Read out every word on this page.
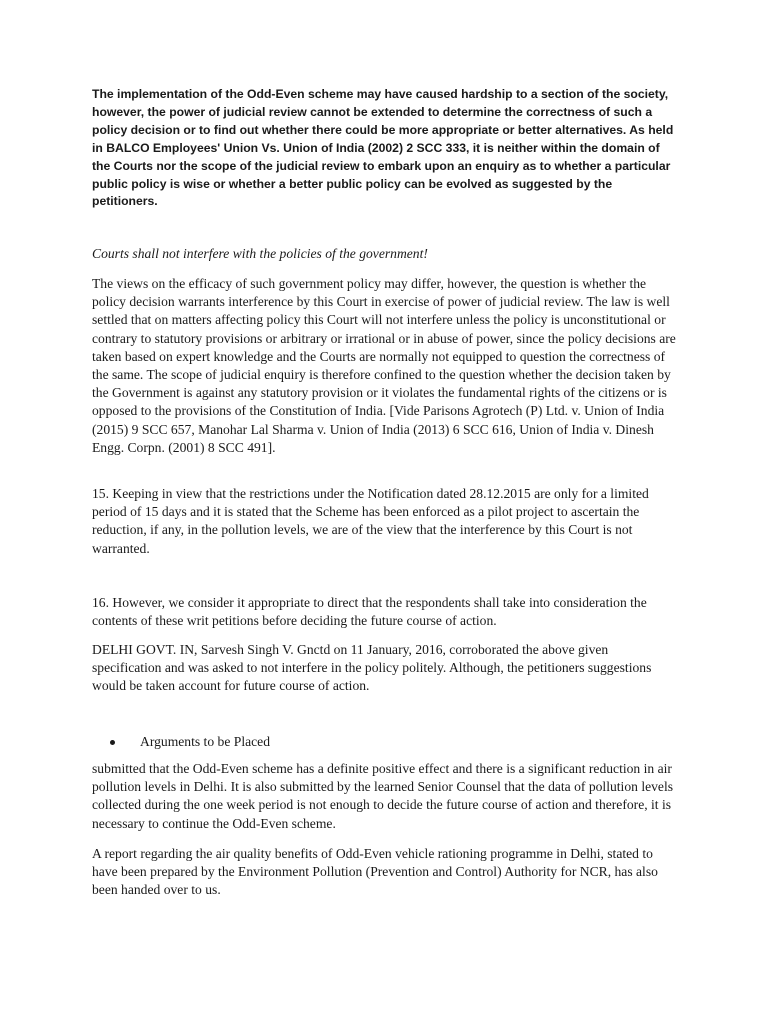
The implementation of the Odd-Even scheme may have caused hardship to a section of the society, however, the power of judicial review cannot be extended to determine the correctness of such a policy decision or to find out whether there could be more appropriate or better alternatives. As held in BALCO Employees' Union Vs. Union of India (2002) 2 SCC 333, it is neither within the domain of the Courts nor the scope of the judicial review to embark upon an enquiry as to whether a particular public policy is wise or whether a better public policy can be evolved as suggested by the petitioners.

Courts shall not interfere with the policies of the government!

The views on the efficacy of such government policy may differ, however, the question is whether the policy decision warrants interference by this Court in exercise of power of judicial review. The law is well settled that on matters affecting policy this Court will not interfere unless the policy is unconstitutional or contrary to statutory provisions or arbitrary or irrational or in abuse of power, since the policy decisions are taken based on expert knowledge and the Courts are normally not equipped to question the correctness of the same. The scope of judicial enquiry is therefore confined to the question whether the decision taken by the Government is against any statutory provision or it violates the fundamental rights of the citizens or is opposed to the provisions of the Constitution of India. [Vide Parisons Agrotech (P) Ltd. v. Union of India (2015) 9 SCC 657, Manohar Lal Sharma v. Union of India (2013) 6 SCC 616, Union of India v. Dinesh Engg. Corpn. (2001) 8 SCC 491].

15. Keeping in view that the restrictions under the Notification dated 28.12.2015 are only for a limited period of 15 days and it is stated that the Scheme has been enforced as a pilot project to ascertain the reduction, if any, in the pollution levels, we are of the view that the interference by this Court is not warranted.

16. However, we consider it appropriate to direct that the respondents shall take into consideration the contents of these writ petitions before deciding the future course of action.

DELHI GOVT. IN, Sarvesh Singh V. Gnctd on 11 January, 2016, corroborated the above given specification and was asked to not interfere in the policy politely. Although, the petitioners suggestions would be taken account for future course of action.

Arguments to be Placed

submitted that the Odd-Even scheme has a definite positive effect and there is a significant reduction in air pollution levels in Delhi. It is also submitted by the learned Senior Counsel that the data of pollution levels collected during the one week period is not enough to decide the future course of action and therefore, it is necessary to continue the Odd-Even scheme.

A report regarding the air quality benefits of Odd-Even vehicle rationing programme in Delhi, stated to have been prepared by the Environment Pollution (Prevention and Control) Authority for NCR, has also been handed over to us.
